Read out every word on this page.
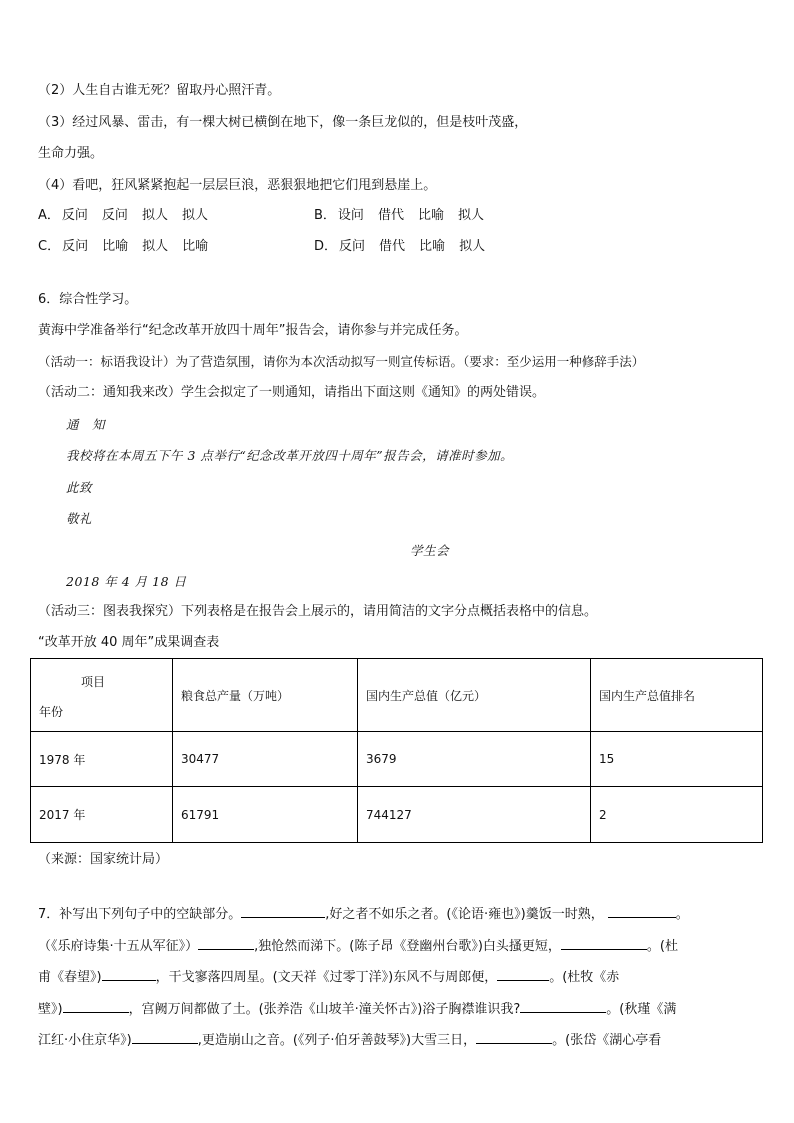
（2）人生自古谁无死？留取丹心照汗青。
（3）经过风暴、雷击，有一棵大树已横倒在地下，像一条巨龙似的，但是枝叶茂盛，
生命力强。
（4）看吧，狂风紧紧抱起一层层巨浪，恶狠狠地把它们甩到悬崖上。
A． 反问 反问 拟人 拟人	B． 设问 借代 比喻 拟人
C． 反问 比喻 拟人 比喻	D． 反问 借代 比喻 拟人
6．综合性学习。
黄海中学准备举行“纪念改革开放四十周年”报告会，请你参与并完成任务。
（活动一：标语我设计）为了营造氛围，请你为本次活动拟写一则宣传标语。（要求：至少运用一种修辞手法）
（活动二：通知我来改）学生会拟定了一则通知，请指出下面这则《通知》的两处错误。
通　知
我校将在本周五下午 3 点举行“纪念改革开放四十周年”报告会，请准时参加。
此致
敬礼
学生会
2018 年 4 月 18 日
（活动三：图表我探究）下列表格是在报告会上展示的，请用简洁的文字分点概括表格中的信息。
“改革开放 40 周年”成果调查表
项目
年份	粮食总产量（万吨）	国内生产总值（亿元）	国内生产总值排名
1978 年	30477	3679	15
2017 年	61791	744127	2
（来源：国家统计局）
7．补写出下列句子中的空缺部分。	,好之者不如乐之者。(《论语·雍也》)羹饭一时熟，	。
（《乐府诗集·十五从军征》）	,独怆然而涕下。(陈子昂《登幽州台歌》)白头搔更短，	。(杜
甫《春望》)	，干戈寥落四周星。(文天祥《过零丁洋》)东风不与周郎便，	。(杜牧《赤
壁》)	，宫阙万间都做了土。(张养浩《山坡羊·潼关怀古》)浴子胸襟谁识我?	。(秋瑾《满
江红·小住京华》)	,更造崩山之音。(《列子·伯牙善鼓琴》)大雪三日，	。(张岱《湖心亭看
